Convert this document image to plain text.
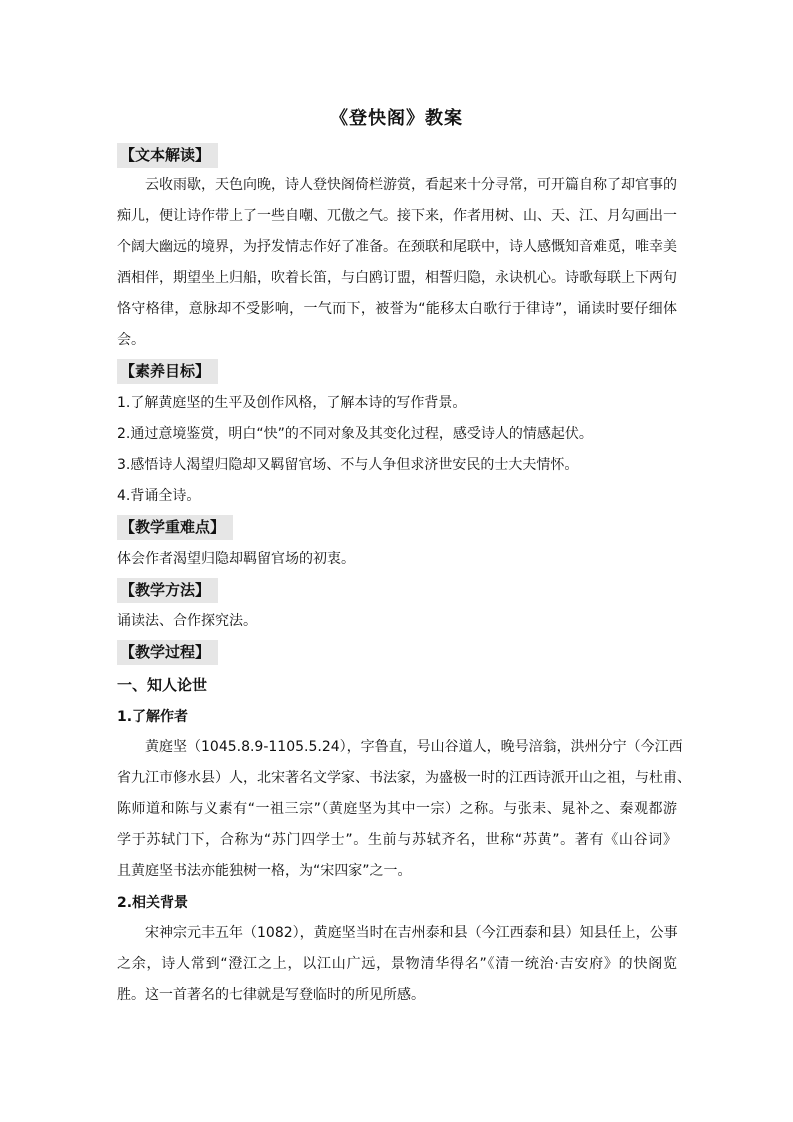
《登快阁》教案
【文本解读】
云收雨歇，天色向晚，诗人登快阁倚栏游赏，看起来十分寻常，可开篇自称了却官事的
痴儿，便让诗作带上了一些自嘲、兀傲之气。接下来，作者用树、山、天、江、月勾画出一
个阔大幽远的境界，为抒发情志作好了准备。在颈联和尾联中，诗人感慨知音难觅，唯幸美
酒相伴，期望坐上归船，吹着长笛，与白鸥订盟，相誓归隐，永诀机心。诗歌每联上下两句
恪守格律，意脉却不受影响，一气而下，被誉为“能移太白歌行于律诗”，诵读时要仔细体
会。
【素养目标】
1.了解黄庭坚的生平及创作风格，了解本诗的写作背景。
2.通过意境鉴赏，明白“快”的不同对象及其变化过程，感受诗人的情感起伏。
3.感悟诗人渴望归隐却又羁留官场、不与人争但求济世安民的士大夫情怀。
4.背诵全诗。
【教学重难点】
体会作者渴望归隐却羁留官场的初衷。
【教学方法】
诵读法、合作探究法。
【教学过程】
一、知人论世
1.了解作者
黄庭坚（1045.8.9-1105.5.24），字鲁直，号山谷道人，晚号涪翁，洪州分宁（今江西
省九江市修水县）人，北宋著名文学家、书法家，为盛极一时的江西诗派开山之祖，与杜甫、
陈师道和陈与义素有“一祖三宗”（黄庭坚为其中一宗）之称。与张耒、晁补之、秦观都游
学于苏轼门下，合称为“苏门四学士”。生前与苏轼齐名，世称“苏黄”。著有《山谷词》
且黄庭坚书法亦能独树一格，为“宋四家”之一。
2.相关背景
宋神宗元丰五年（1082），黄庭坚当时在吉州泰和县（今江西泰和县）知县任上，公事
之余，诗人常到“澄江之上，以江山广远，景物清华得名”《清一统治·吉安府》的快阁览
胜。这一首著名的七律就是写登临时的所见所感。
